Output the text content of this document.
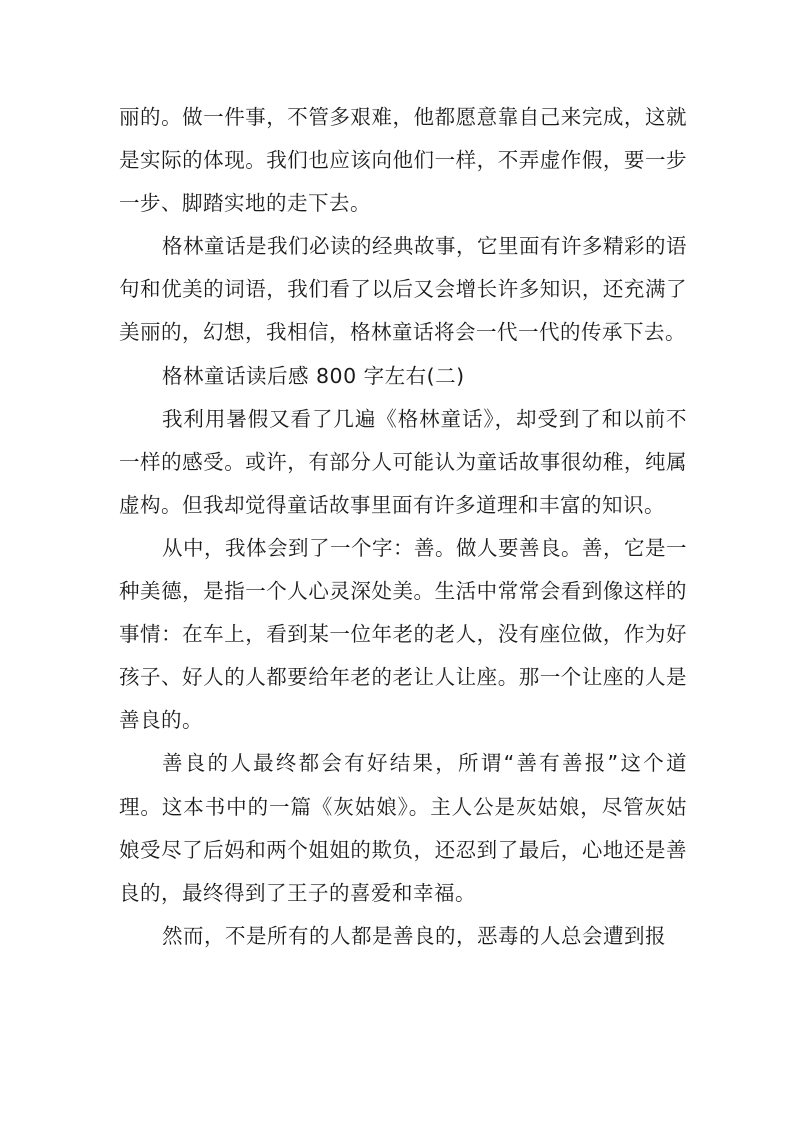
丽的。做一件事，不管多艰难，他都愿意靠自己来完成，这就是实际的体现。我们也应该向他们一样，不弄虚作假，要一步一步、脚踏实地的走下去。

格林童话是我们必读的经典故事，它里面有许多精彩的语句和优美的词语，我们看了以后又会增长许多知识，还充满了美丽的，幻想，我相信，格林童话将会一代一代的传承下去。

格林童话读后感 800 字左右(二)

我利用暑假又看了几遍《格林童话》，却受到了和以前不一样的感受。或许，有部分人可能认为童话故事很幼稚，纯属虚构。但我却觉得童话故事里面有许多道理和丰富的知识。

从中，我体会到了一个字：善。做人要善良。善，它是一种美德，是指一个人心灵深处美。生活中常常会看到像这样的事情：在车上，看到某一位年老的老人，没有座位做，作为好孩子、好人的人都要给年老的老让人让座。那一个让座的人是善良的。

善良的人最终都会有好结果，所谓“善有善报”这个道理。这本书中的一篇《灰姑娘》。主人公是灰姑娘，尽管灰姑娘受尽了后妈和两个姐姐的欺负，还忍到了最后，心地还是善良的，最终得到了王子的喜爱和幸福。

然而，不是所有的人都是善良的，恶毒的人总会遭到报
